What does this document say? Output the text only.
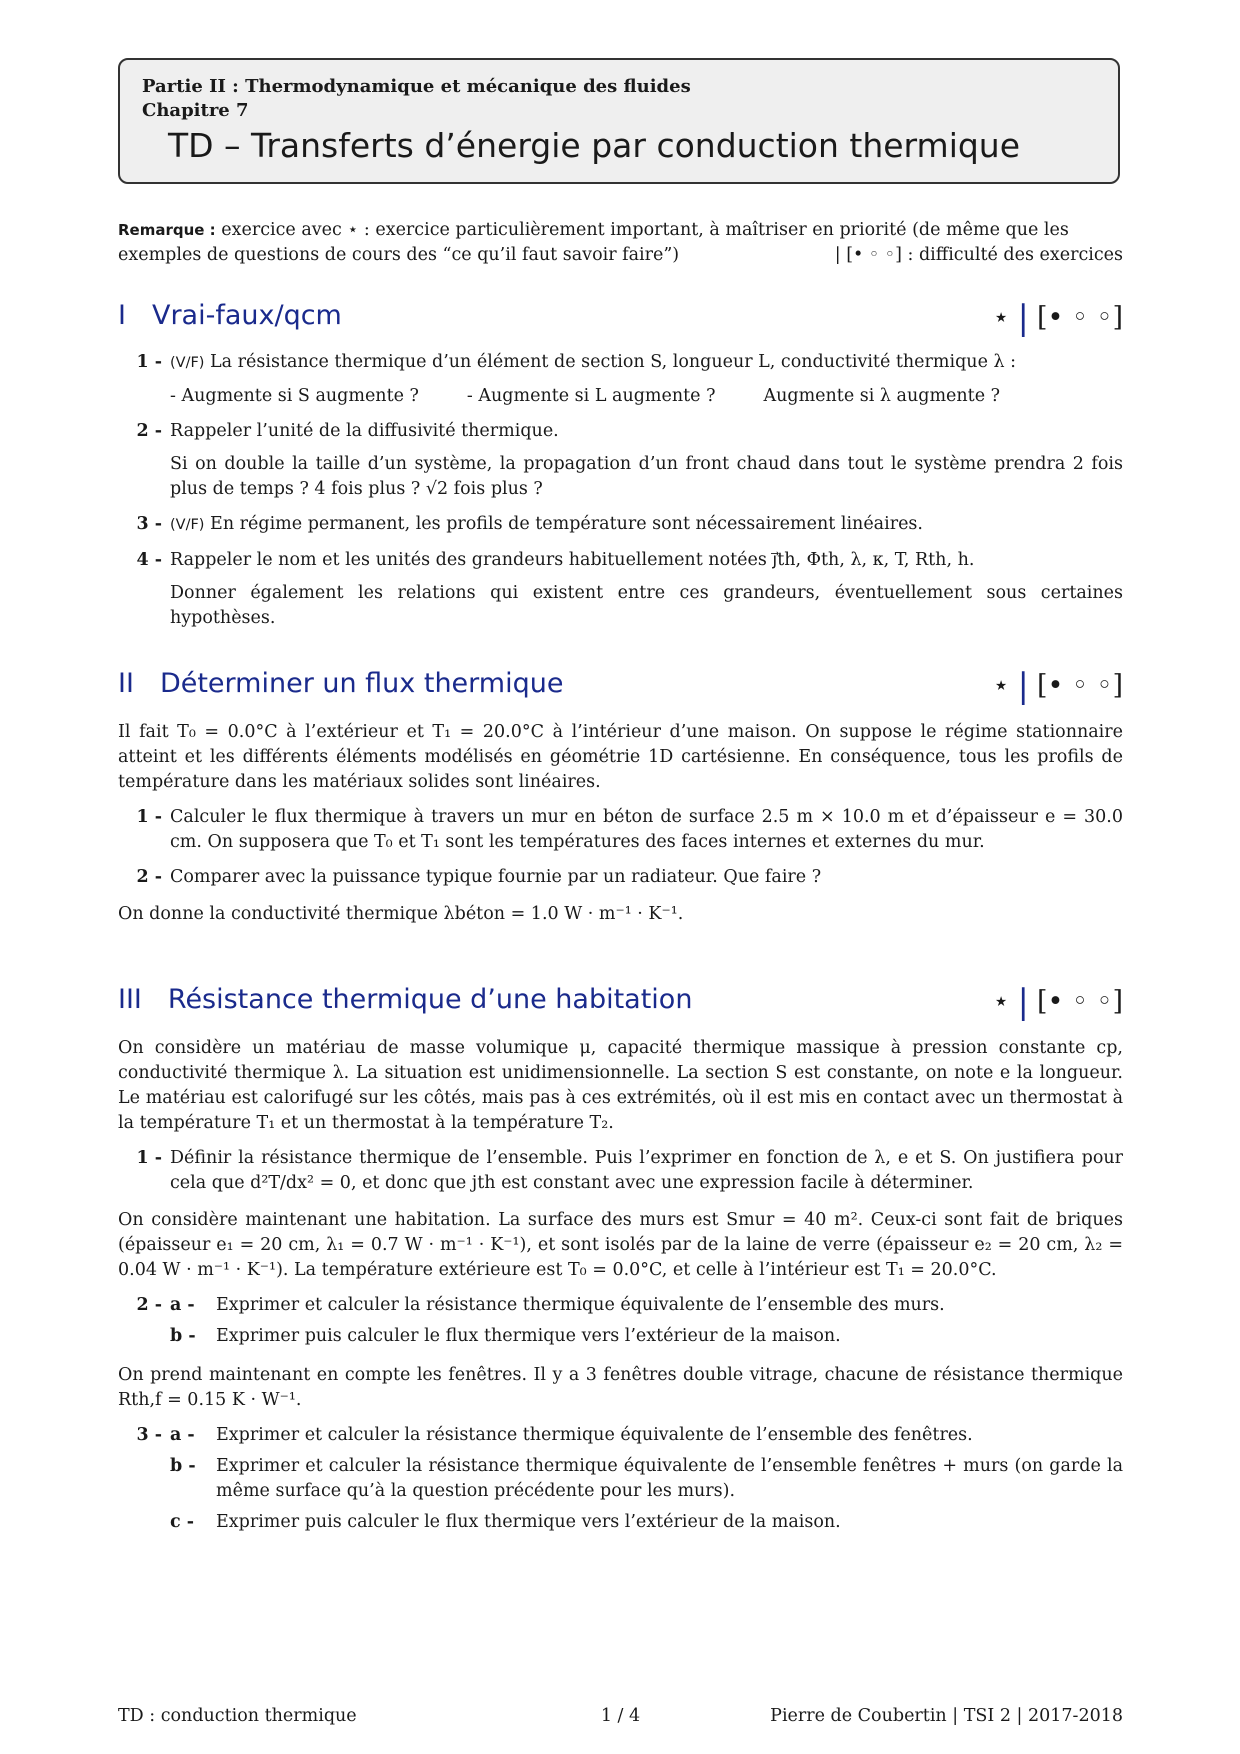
Partie II : Thermodynamique et mécanique des fluides
Chapitre 7
TD – Transferts d’énergie par conduction thermique
Remarque : exercice avec ⋆ : exercice particulièrement important, à maîtriser en priorité (de même que les
exemples de questions de cours des “ce qu’il faut savoir faire”)	| [• ◦ ◦] : difficulté des exercices
I Vrai-faux/qcm	⋆ | [• ◦ ◦]
1 - (V/F) La résistance thermique d’un élément de section S, longueur L, conductivité thermique λ :

- Augmente si S augmente ?	- Augmente si L augmente ?	Augmente si λ augmente ?
2 - Rappeler l’unité de la diffusivité thermique.

Si on double la taille d’un système, la propagation d’un front chaud dans tout le système prendra 2 fois plus de temps ? 4 fois plus ? √2 fois plus ?

3 - (V/F) En régime permanent, les profils de température sont nécessairement linéaires.

4 - Rappeler le nom et les unités des grandeurs habituellement notées j⃗th, Φth, λ, κ, T, Rth, h.

Donner également les relations qui existent entre ces grandeurs, éventuellement sous certaines hypothèses.

II Déterminer un flux thermique	⋆ | [• ◦ ◦]

Il fait T₀ = 0.0°C à l’extérieur et T₁ = 20.0°C à l’intérieur d’une maison. On suppose le régime stationnaire atteint et les différents éléments modélisés en géométrie 1D cartésienne. En conséquence, tous les profils de température dans les matériaux solides sont linéaires.

1 - Calculer le flux thermique à travers un mur en béton de surface 2.5 m × 10.0 m et d’épaisseur e = 30.0 cm. On supposera que T₀ et T₁ sont les températures des faces internes et externes du mur.

2 - Comparer avec la puissance typique fournie par un radiateur. Que faire ?

On donne la conductivité thermique λbéton = 1.0 W · m⁻¹ · K⁻¹.

III Résistance thermique d’une habitation	⋆ | [• ◦ ◦]

On considère un matériau de masse volumique μ, capacité thermique massique à pression constante cp, conductivité thermique λ. La situation est unidimensionnelle. La section S est constante, on note e la longueur. Le matériau est calorifugé sur les côtés, mais pas à ces extrémités, où il est mis en contact avec un thermostat à la température T₁ et un thermostat à la température T₂.

1 - Définir la résistance thermique de l’ensemble. Puis l’exprimer en fonction de λ, e et S. On justifiera pour cela que d²T/dx² = 0, et donc que jth est constant avec une expression facile à déterminer.

On considère maintenant une habitation. La surface des murs est Smur = 40 m². Ceux-ci sont fait de briques (épaisseur e₁ = 20 cm, λ₁ = 0.7 W · m⁻¹ · K⁻¹), et sont isolés par de la laine de verre (épaisseur e₂ = 20 cm, λ₂ = 0.04 W · m⁻¹ · K⁻¹). La température extérieure est T₀ = 0.0°C, et celle à l’intérieur est T₁ = 20.0°C.

2 - a -	Exprimer et calculer la résistance thermique équivalente de l’ensemble des murs.
b -	Exprimer puis calculer le flux thermique vers l’extérieur de la maison.

On prend maintenant en compte les fenêtres. Il y a 3 fenêtres double vitrage, chacune de résistance thermique Rth,f = 0.15 K · W⁻¹.

3 - a -	Exprimer et calculer la résistance thermique équivalente de l’ensemble des fenêtres.
b -	Exprimer et calculer la résistance thermique équivalente de l’ensemble fenêtres + murs (on garde la même surface qu’à la question précédente pour les murs).
c -	Exprimer puis calculer le flux thermique vers l’extérieur de la maison.
TD : conduction thermique	1 / 4	Pierre de Coubertin | TSI 2 | 2017-2018
